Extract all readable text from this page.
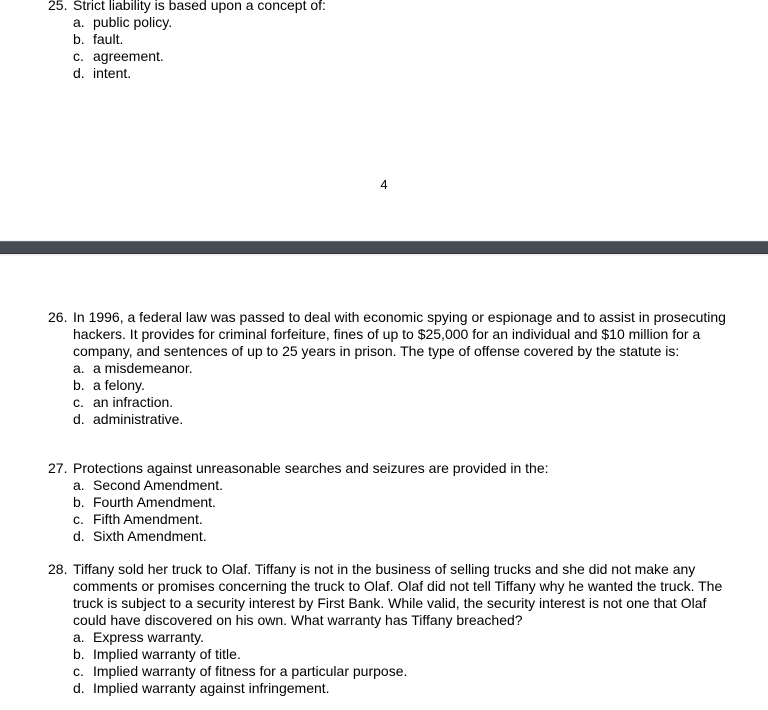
25. Strict liability is based upon a concept of:
a. public policy.
b. fault.
c. agreement.
d. intent.
4
26. In 1996, a federal law was passed to deal with economic spying or espionage and to assist in prosecuting hackers. It provides for criminal forfeiture, fines of up to $25,000 for an individual and $10 million for a company, and sentences of up to 25 years in prison. The type of offense covered by the statute is:
a. a misdemeanor.
b. a felony.
c. an infraction.
d. administrative.
27. Protections against unreasonable searches and seizures are provided in the:
a. Second Amendment.
b. Fourth Amendment.
c. Fifth Amendment.
d. Sixth Amendment.
28. Tiffany sold her truck to Olaf. Tiffany is not in the business of selling trucks and she did not make any comments or promises concerning the truck to Olaf. Olaf did not tell Tiffany why he wanted the truck. The truck is subject to a security interest by First Bank. While valid, the security interest is not one that Olaf could have discovered on his own. What warranty has Tiffany breached?
a. Express warranty.
b. Implied warranty of title.
c. Implied warranty of fitness for a particular purpose.
d. Implied warranty against infringement.
